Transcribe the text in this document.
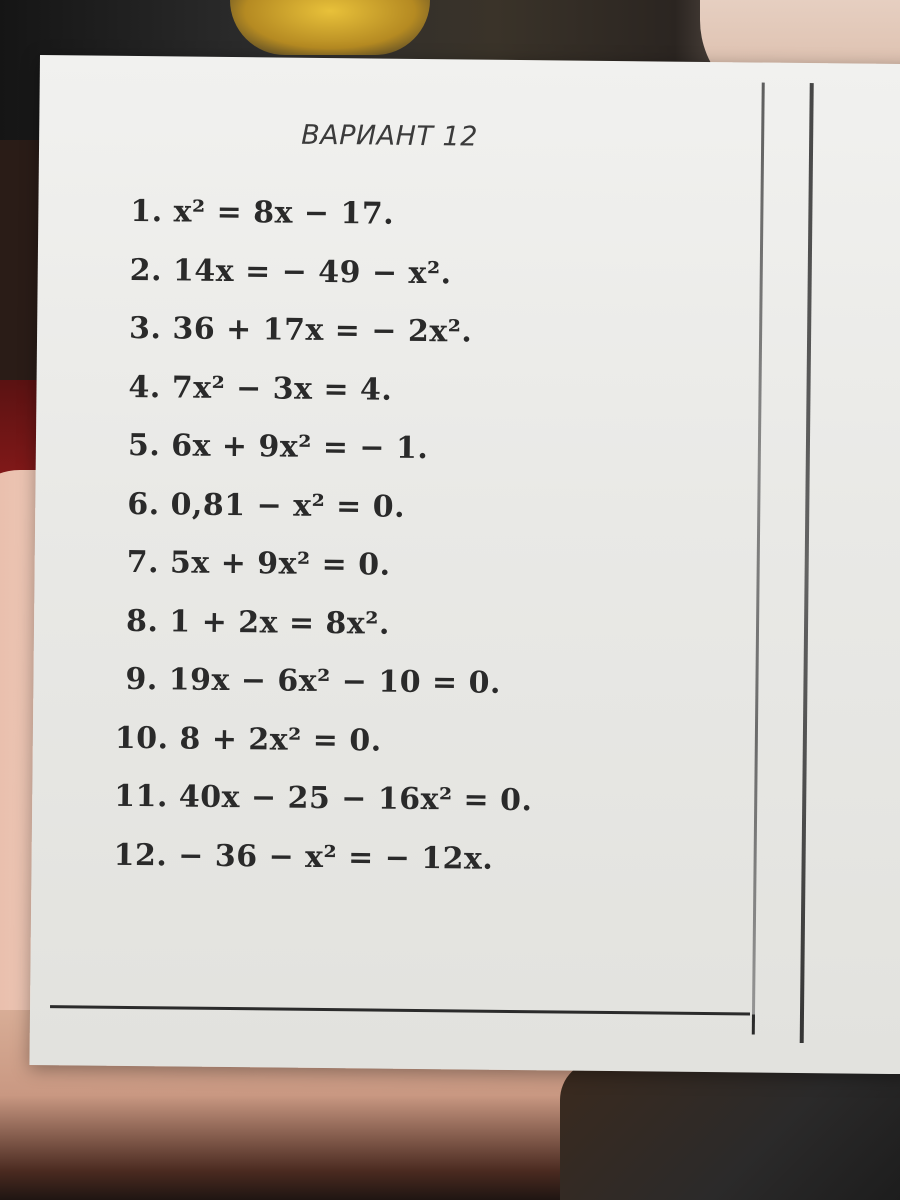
ВАРИАНТ 12
1. x² = 8x − 17.
2. 14x = − 49 − x².
3. 36 + 17x = − 2x².
4. 7x² − 3x = 4.
5. 6x + 9x² = − 1.
6. 0,81 − x² = 0.
7. 5x + 9x² = 0.
8. 1 + 2x = 8x².
9. 19x − 6x² − 10 = 0.
10. 8 + 2x² = 0.
11. 40x − 25 − 16x² = 0.
12. − 36 − x² = − 12x.
